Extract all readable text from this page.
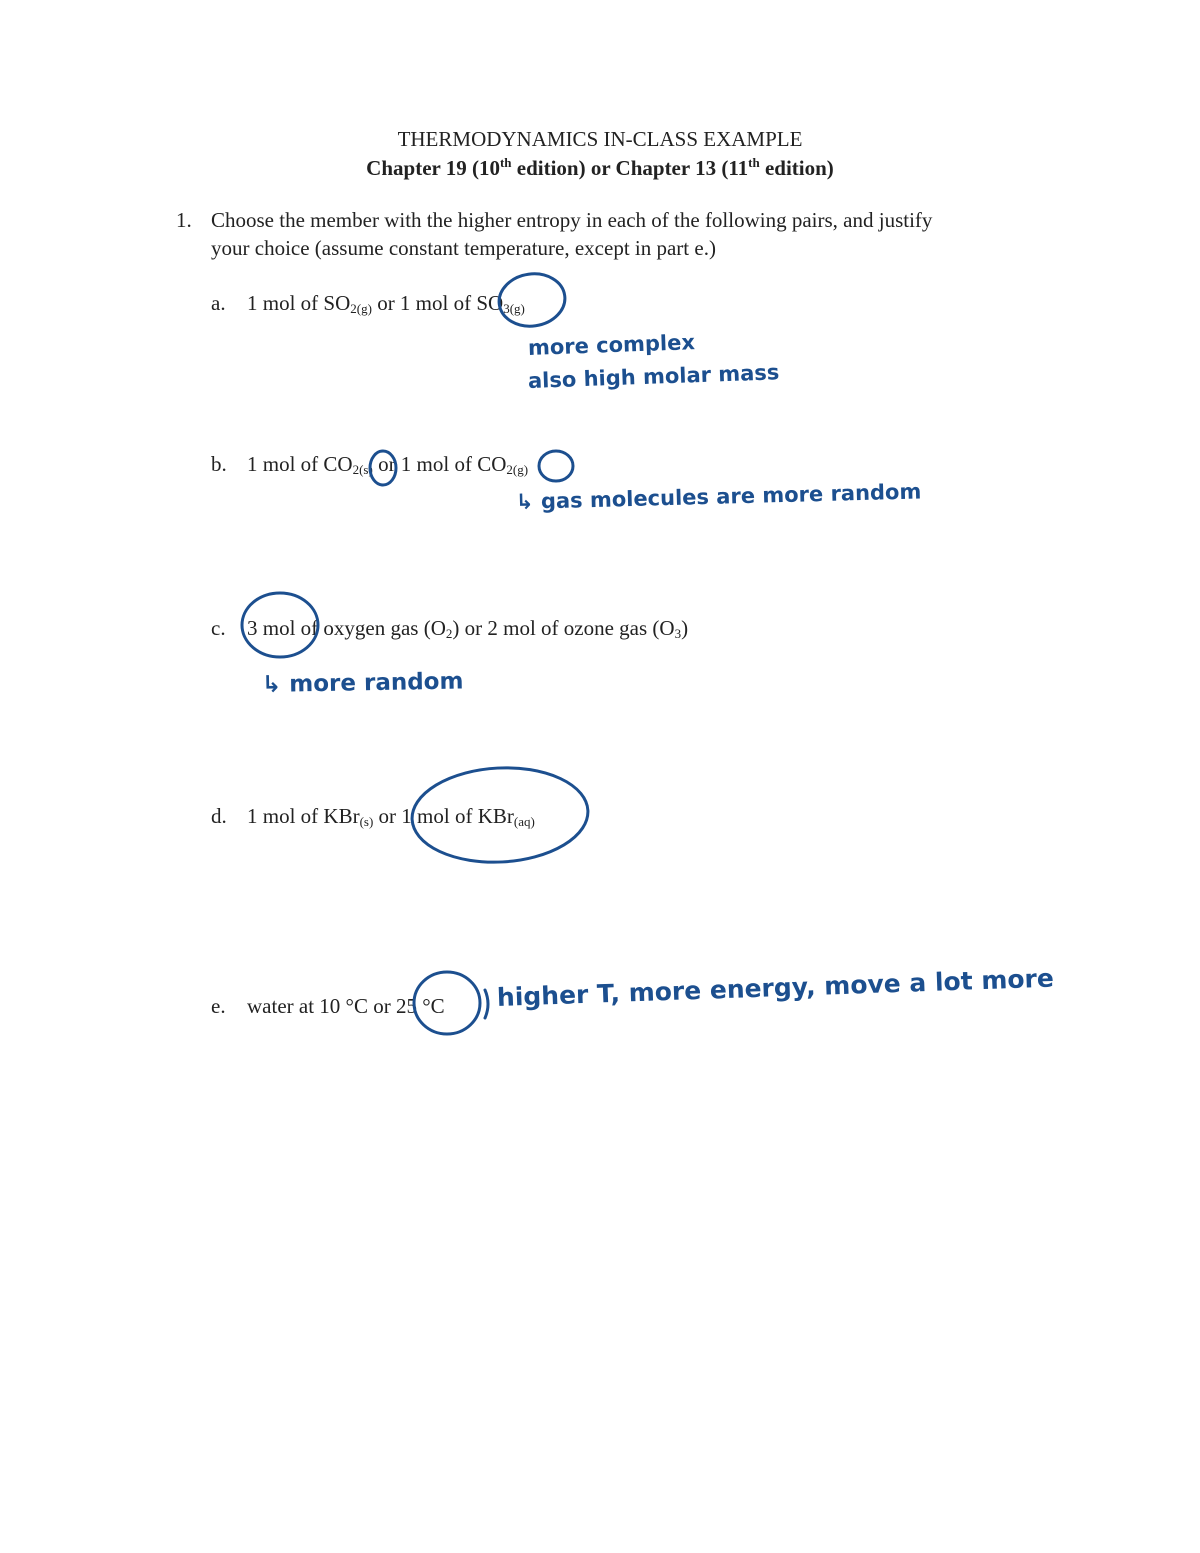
THERMODYNAMICS IN-CLASS EXAMPLE
Chapter 19 (10th edition) or Chapter 13 (11th edition)
1. Choose the member with the higher entropy in each of the following pairs, and justify
your choice (assume constant temperature, except in part e.)
a. 1 mol of $SO_{2(g)}$ or 1 mol of $SO_{3(g)}$
b. 1 mol of $CO_{2(s)}$ or 1 mol of $CO_{2(g)}$
c. 3 mol of oxygen gas $(O_2)$ or 2 mol of ozone gas $(O_3)$
d. 1 mol of KBr$_{(s)}$ or 1 mol of KBr$_{(aq)}$
e. water at 10 °C or 25 °C
more complex
also high molar mass
↳ gas molecules are more random
↳ more random
higher T, more energy, move a lot more
